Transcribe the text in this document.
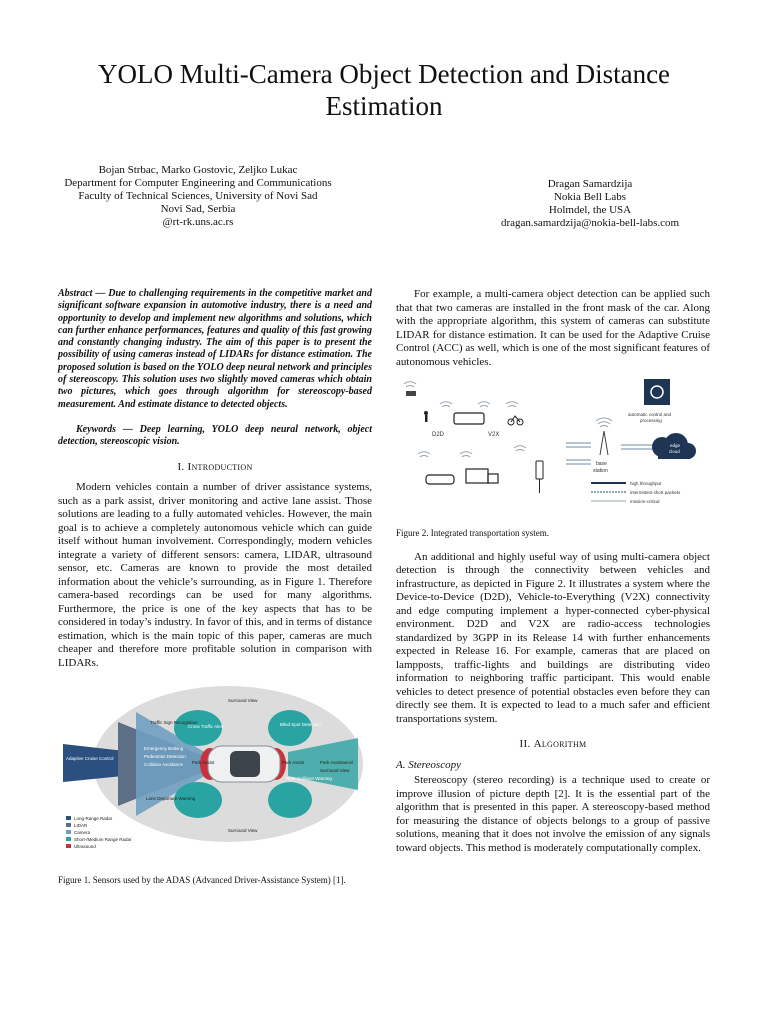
YOLO Multi-Camera Object Detection and Distance Estimation
Bojan Strbac, Marko Gostovic, Zeljko Lukac
Department for Computer Engineering and Communications
Faculty of Technical Sciences, University of Novi Sad
Novi Sad, Serbia
@rt-rk.uns.ac.rs
Dragan Samardzija
Nokia Bell Labs
Holmdel, the USA
dragan.samardzija@nokia-bell-labs.com

Abstract — Due to challenging requirements in the competitive market and significant software expansion in automotive industry, there is a need and opportunity to develop and implement new algorithms and solutions, which can further enhance performances, features and quality of this fast growing and constantly changing industry. The aim of this paper is to present the possibility of using cameras instead of LIDARs for distance estimation. The proposed solution is based on the YOLO deep neural network and principles of stereoscopy. This solution uses two slightly moved cameras which obtain two pictures, which goes through algorithm for stereoscopy-based measurement. And estimate distance to detected objects.

Keywords — Deep learning, YOLO deep neural network, object detection, stereoscopic vision.

I. Introduction

Modern vehicles contain a number of driver assistance systems, such as a park assist, driver monitoring and active lane assist. Those solutions are leading to a fully automated vehicles. However, the main goal is to achieve a completely autonomous vehicle which can guide itself without human involvement. Correspondingly, modern vehicles integrate a variety of different sensors: camera, LIDAR, ultrasound sensor, etc. Cameras are known to provide the most detailed information about the vehicle’s surrounding, as in Figure 1. Therefore camera-based recordings can be used for many algorithms. Furthermore, the price is one of the key aspects that has to be considered in today’s industry. In favor of this, and in terms of distance estimation, which is the main topic of this paper, cameras are much cheaper and therefore more profitable solution in comparison with LIDARs.

Adaptive Cruise Control
Traffic Sign Recognition
Emergency Braking
Pedestrian Detection
Collision Avoidance
Lane Departure Warning
Cross Traffic Alert
Surround View
Surround View
Surround View
Blind Spot Detection
Park Assist	Park Assist
Rear Collision Warning
Park Assistance/
Long-Range Radar
LIDAR
Camera
Short-/Medium Range Radar
Ultrasound

Figure 1. Sensors used by the ADAS (Advanced Driver-Assistance System) [1].

For example, a multi-camera object detection can be applied such that that two cameras are installed in the front mask of the car. Along with the appropriate algorithm, this system of cameras can substitute LIDAR for distance estimation. It can be used for the Adaptive Cruise Control (ACC) as well, which is one of the most significant features of autonomous vehicles.

D2D	V2X
base
station
automatic control and
processing
edge
cloud
high throughput
intermittent short packets
mission-critical

Figure 2. Integrated transportation system.

An additional and highly useful way of using multi-camera object detection is through the connectivity between vehicles and infrastructure, as depicted in Figure 2. It illustrates a system where the Device-to-Device (D2D), Vehicle-to-Everything (V2X) connectivity and edge computing implement a hyper-connected cyber-physical environment. D2D and V2X are radio-access technologies standardized by 3GPP in its Release 14 with further enhancements expected in Release 16. For example, cameras that are placed on lampposts, traffic-lights and buildings are distributing video information to neighboring traffic participant. This would enable vehicles to detect presence of potential obstacles even before they can directly see them. It is expected to lead to a much safer and efficient transportations system.

II. Algorithm

A. Stereoscopy

Stereoscopy (stereo recording) is a technique used to create or improve illusion of picture depth [2]. It is the essential part of the algorithm that is presented in this paper. A stereoscopy-based method for measuring the distance of objects belongs to a group of passive solutions, meaning that it does not involve the emission of any signals toward objects. This method is moderately computationally complex.
